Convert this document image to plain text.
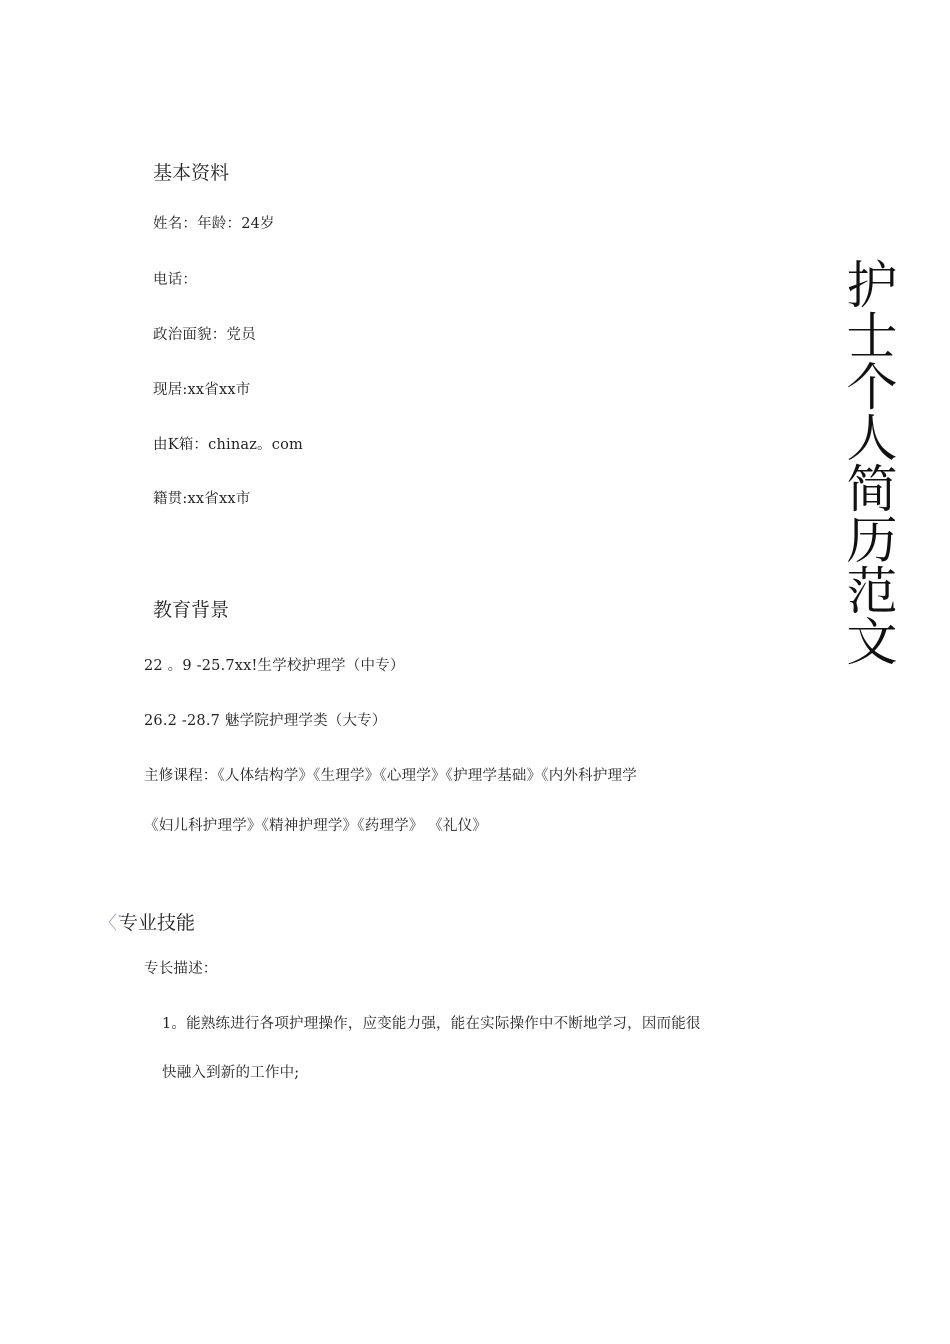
护士个人简历范文
基本资料
姓名：年龄：24岁
电话：
政治面貌：党员
现居:xx省xx市
由K箱：chinaz。com
籍贯:xx省xx市
教育背景
22 。9 -25.7xx!生学校护理学（中专）
26.2 -28.7 魅学院护理学类（大专）
主修课程：《人体结构学》《生理学》《心理学》《护理学基础》《内外科护理学
《妇儿科护理学》《精神护理学》《药理学》 《礼仪》
〈¨
专业技能
专长描述：
1。能熟练进行各项护理操作，应变能力强，能在实际操作中不断地学习，因而能很
快融入到新的工作中;
